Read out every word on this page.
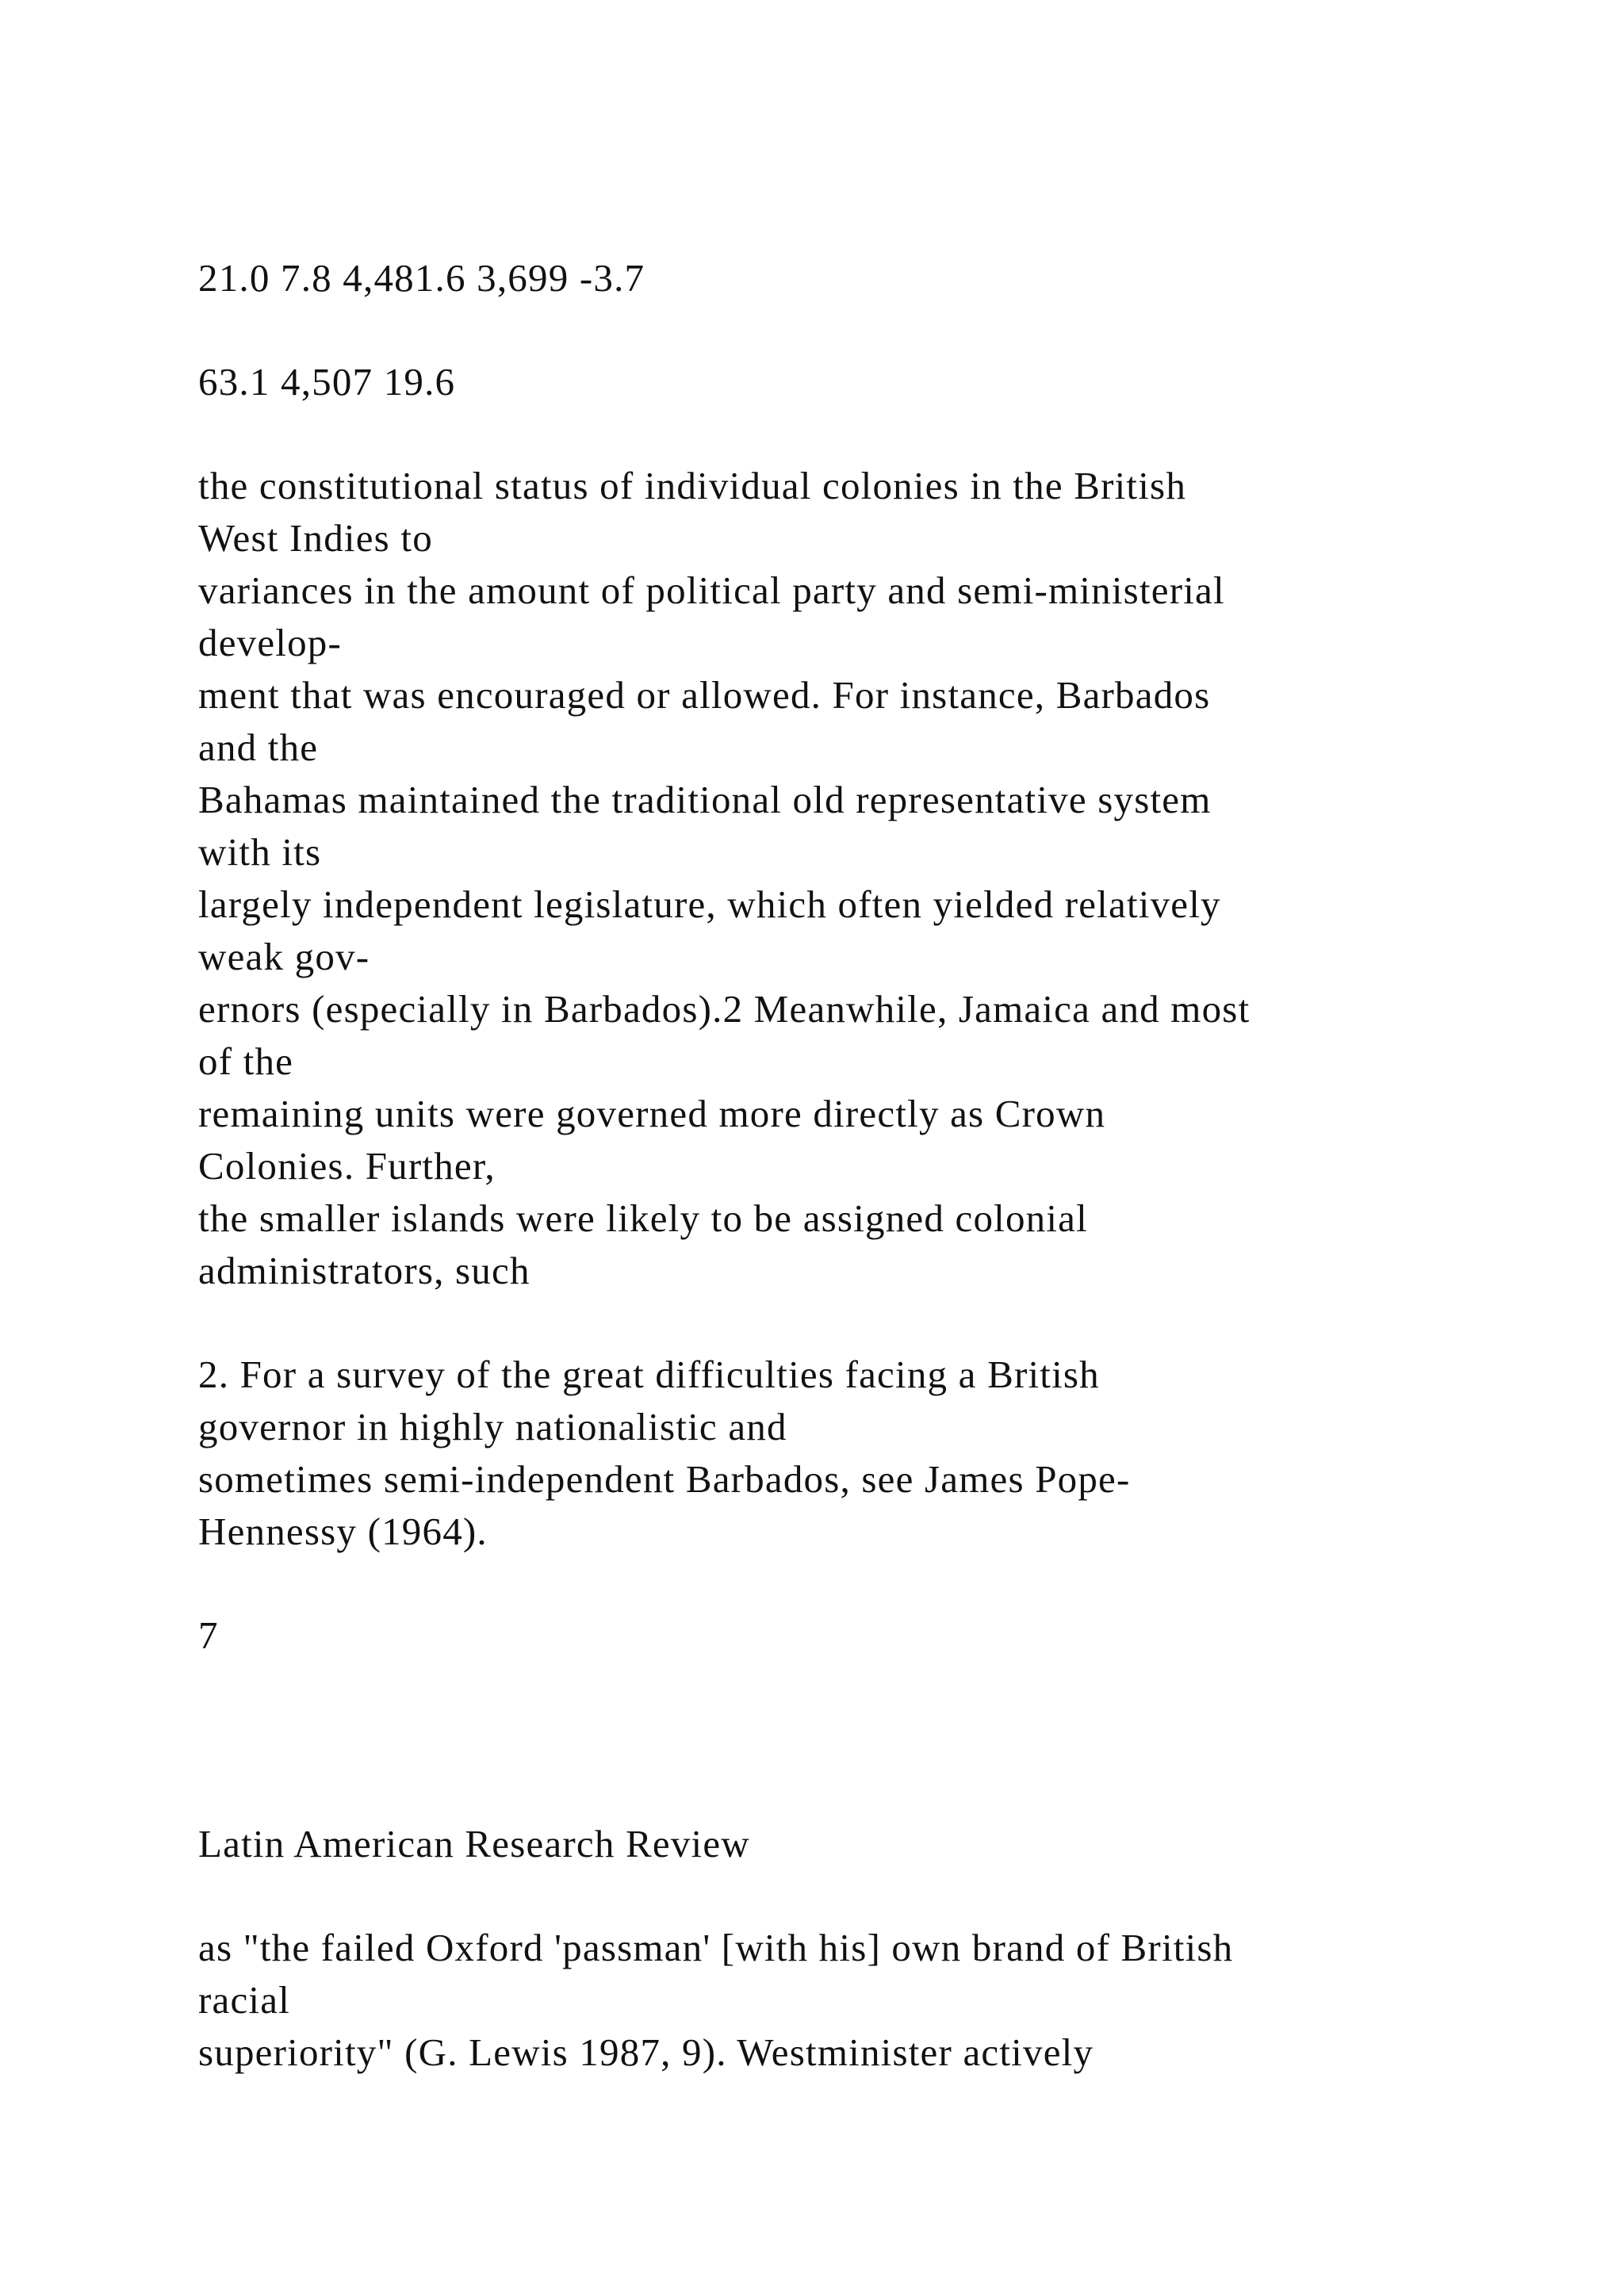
21.0 7.8 4,481.6 3,699 -3.7
63.1 4,507 19.6
the constitutional status of individual colonies in the British
West Indies to
variances in the amount of political party and semi-ministerial
develop-
ment that was encouraged or allowed. For instance, Barbados
and the
Bahamas maintained the traditional old representative system
with its
largely independent legislature, which often yielded relatively
weak gov-
ernors (especially in Barbados).2 Meanwhile, Jamaica and most
of the
remaining units were governed more directly as Crown
Colonies. Further,
the smaller islands were likely to be assigned colonial
administrators, such
2. For a survey of the great difficulties facing a British
governor in highly nationalistic and
sometimes semi-independent Barbados, see James Pope-
Hennessy (1964).
7
Latin American Research Review
as "the failed Oxford 'passman' [with his] own brand of British
racial
superiority" (G. Lewis 1987, 9). Westminister actively
